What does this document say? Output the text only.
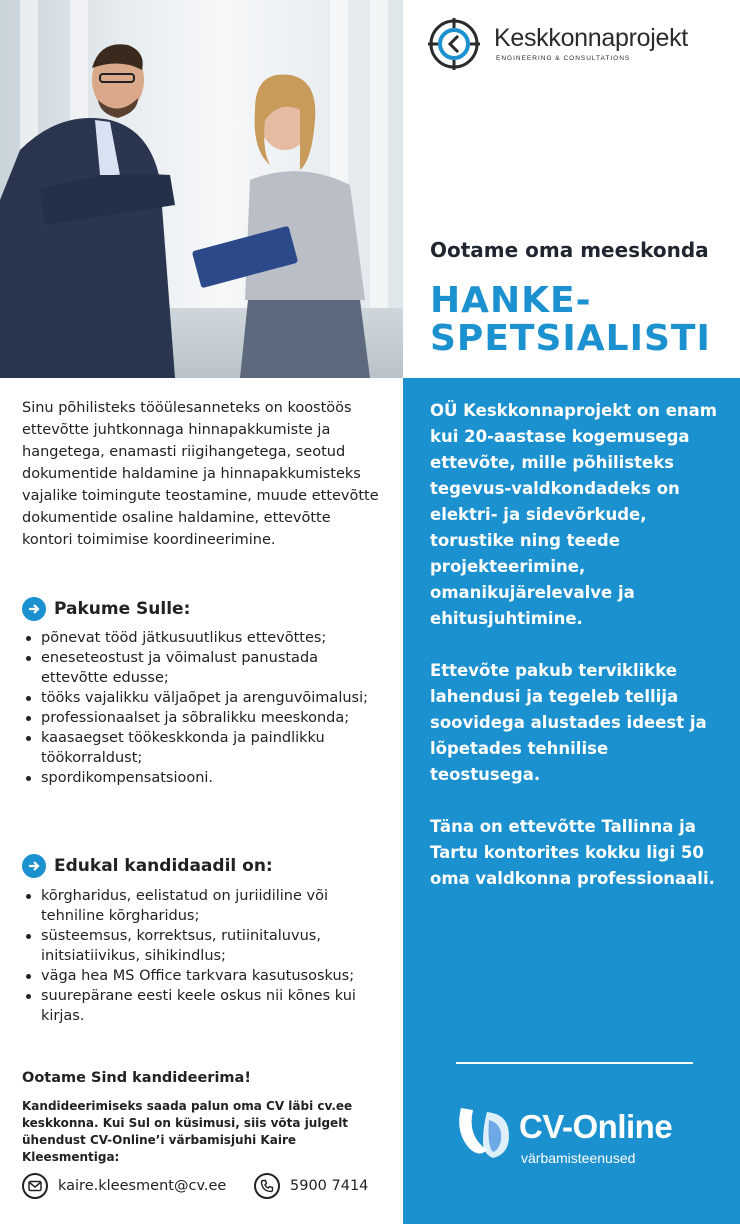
Keskkonnaprojekt
ENGINEERING & CONSULTATIONS
Ootame oma meeskonda
HANKE-
SPETSIALISTI
Sinu põhilisteks tööülesanneteks on koostöös ettevõtte juhtkonnaga hinnapakkumiste ja hangetega, enamasti riigihangetega, seotud dokumentide haldamine ja hinnapakkumisteks vajalike toimingute teostamine, muude ettevõtte dokumentide osaline haldamine, ettevõtte kontori toimimise koordineerimine.
Pakume Sulle:
põnevat tööd jätkusuutlikus ettevõttes;
eneseteostust ja võimalust panustada ettevõtte edusse;
tööks vajalikku väljaõpet ja arenguvõimalusi;
professionaalset ja sõbralikku meeskonda;
kaasaegset töökeskkonda ja paindlikku töökorraldust;
spordikompensatsiooni.
Edukal kandidaadil on:
kõrgharidus, eelistatud on juriidiline või tehniline kõrgharidus;
süsteemsus, korrektsus, rutiinitaluvus, initsiatiivikus, sihikindlus;
väga hea MS Office tarkvara kasutusoskus;
suurepärane eesti keele oskus nii kõnes kui kirjas.
Ootame Sind kandideerima!
Kandideerimiseks saada palun oma CV läbi cv.ee keskkonna. Kui Sul on küsimusi, siis võta julgelt ühendust CV-Online’i värbamisjuhi Kaire Kleesmentiga:
kaire.kleesment@cv.ee	5900 7414
OÜ Keskkonnaprojekt on enam kui 20-aastase kogemusega ettevõte, mille põhilisteks tegevus-valdkondadeks on elektri- ja sidevõrkude, torustike ning teede projekteerimine, omanikujärelevalve ja ehitusjuhtimine.
Ettevõte pakub terviklikke lahendusi ja tegeleb tellija soovidega alustades ideest ja lõpetades tehnilise teostusega.
Täna on ettevõtte Tallinna ja Tartu kontorites kokku ligi 50 oma valdkonna professionaali.
CV-Online
värbamisteenused
